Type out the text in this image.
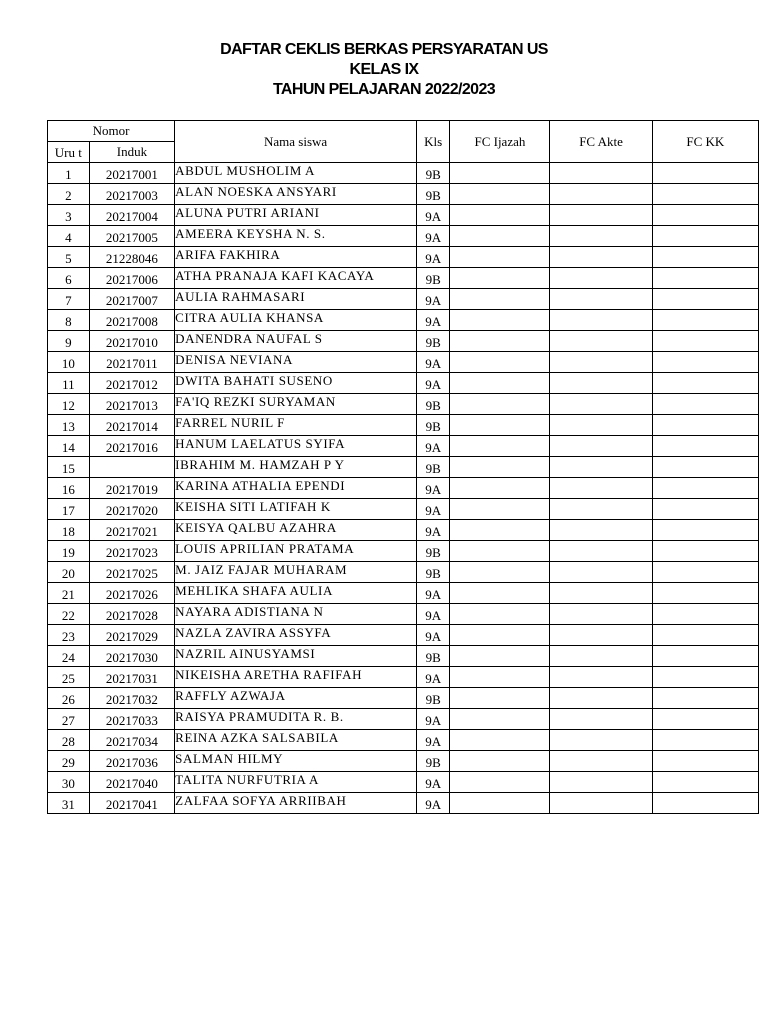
DAFTAR CEKLIS BERKAS PERSYARATAN US
KELAS IX
TAHUN PELAJARAN 2022/2023
Nomor		Nama siswa	Kls	FC Ijazah	FC Akte	FC KK
Uru t	Induk					
1	20217001	ABDUL MUSHOLIM A	9B			
2	20217003	ALAN NOESKA ANSYARI	9B			
3	20217004	ALUNA PUTRI ARIANI	9A			
4	20217005	AMEERA KEYSHA N. S.	9A			
5	21228046	ARIFA FAKHIRA	9A			
6	20217006	ATHA PRANAJA KAFI KACAYA	9B			
7	20217007	AULIA RAHMASARI	9A			
8	20217008	CITRA AULIA KHANSA	9A			
9	20217010	DANENDRA NAUFAL S	9B			
10	20217011	DENISA NEVIANA	9A			
11	20217012	DWITA BAHATI SUSENO	9A			
12	20217013	FA'IQ REZKI SURYAMAN	9B			
13	20217014	FARREL NURIL F	9B			
14	20217016	HANUM LAELATUS SYIFA	9A			
15		IBRAHIM M. HAMZAH P Y	9B			
16	20217019	KARINA ATHALIA EPENDI	9A			
17	20217020	KEISHA SITI LATIFAH K	9A			
18	20217021	KEISYA QALBU AZAHRA	9A			
19	20217023	LOUIS APRILIAN PRATAMA	9B			
20	20217025	M. JAIZ FAJAR MUHARAM	9B			
21	20217026	MEHLIKA SHAFA AULIA	9A			
22	20217028	NAYARA ADISTIANA N	9A			
23	20217029	NAZLA ZAVIRA ASSYFA	9A			
24	20217030	NAZRIL AINUSYAMSI	9B			
25	20217031	NIKEISHA ARETHA RAFIFAH	9A			
26	20217032	RAFFLY AZWAJA	9B			
27	20217033	RAISYA PRAMUDITA R. B.	9A			
28	20217034	REINA AZKA SALSABILA	9A			
29	20217036	SALMAN HILMY	9B			
30	20217040	TALITA NURFUTRIA A	9A			
31	20217041	ZALFAA SOFYA ARRIIBAH	9A			
